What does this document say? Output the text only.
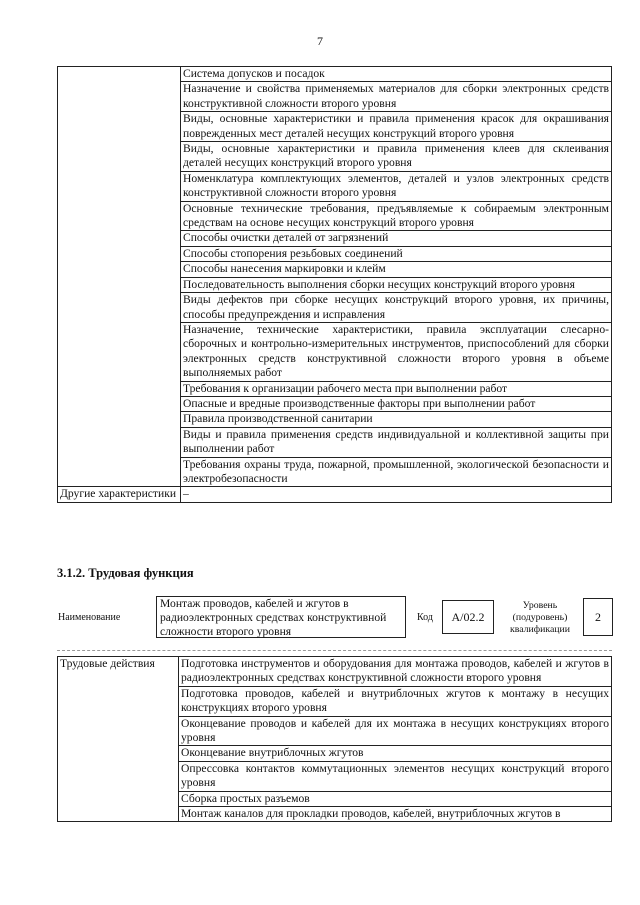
7
	Система допусков и посадок
	Назначение и свойства применяемых материалов для сборки электронных средств конструктивной сложности второго уровня
	Виды, основные характеристики и правила применения красок для окрашивания поврежденных мест деталей несущих конструкций второго уровня
	Виды, основные характеристики и правила применения клеев для склеивания деталей несущих конструкций второго уровня
	Номенклатура комплектующих элементов, деталей и узлов электронных средств конструктивной сложности второго уровня
	Основные технические требования, предъявляемые к собираемым электронным средствам на основе несущих конструкций второго уровня
	Способы очистки деталей от загрязнений
	Способы стопорения резьбовых соединений
	Способы нанесения маркировки и клейм
	Последовательность выполнения сборки несущих конструкций второго уровня
	Виды дефектов при сборке несущих конструкций второго уровня, их причины, способы предупреждения и исправления
	Назначение, технические характеристики, правила эксплуатации слесарно-сборочных и контрольно-измерительных инструментов, приспособлений для сборки электронных средств конструктивной сложности второго уровня в объеме выполняемых работ
	Требования к организации рабочего места при выполнении работ
	Опасные и вредные производственные факторы при выполнении работ
	Правила производственной санитарии
	Виды и правила применения средств индивидуальной и коллективной защиты при выполнении работ
	Требования охраны труда, пожарной, промышленной, экологической безопасности и электробезопасности
Другие характеристики	–
3.1.2. Трудовая функция
Наименование
Монтаж проводов, кабелей и жгутов в радиоэлектронных средствах конструктивной сложности второго уровня
Код	А/02.2
Уровень (подуровень) квалификации
2
Трудовые действия	Подготовка инструментов и оборудования для монтажа проводов, кабелей и жгутов в радиоэлектронных средствах конструктивной сложности второго уровня
Подготовка проводов, кабелей и внутриблочных жгутов к монтажу в несущих конструкциях второго уровня
Оконцевание проводов и кабелей для их монтажа в несущих конструкциях второго уровня
Оконцевание внутриблочных жгутов
Опрессовка контактов коммутационных элементов несущих конструкций второго уровня
Сборка простых разъемов
Монтаж каналов для прокладки проводов, кабелей, внутриблочных жгутов в
